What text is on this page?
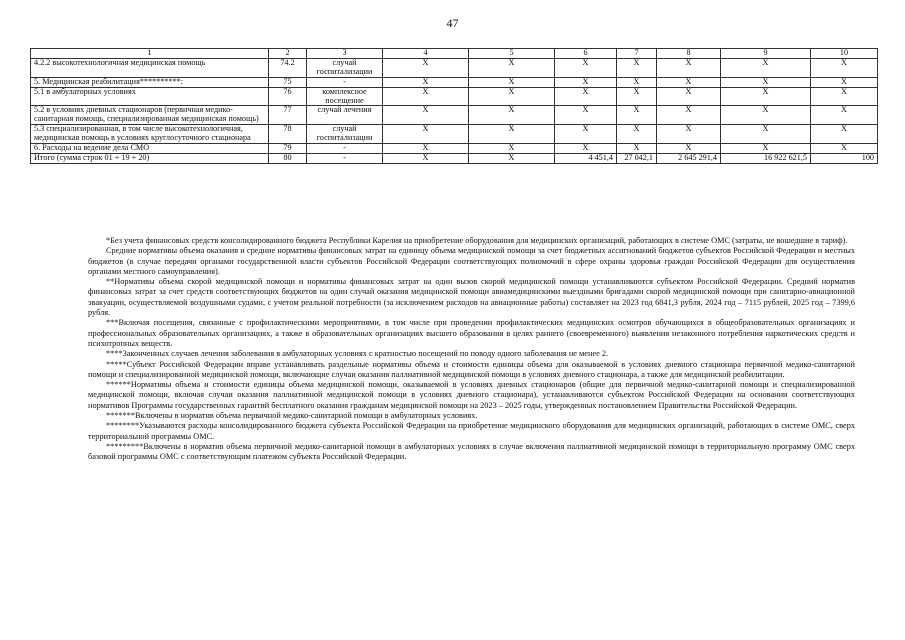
47
1	2	3	4	5	6	7	8	9	10
4.2.2 высокотехнологичная медицинская помощь	74.2	случай госпитализации	X	X	X	X	X	X	X
5. Медицинская реабилитация**********:	75	-	X	X	X	X	X	X	X
5.1 в амбулаторных условиях	76	комплексное посещение	X	X	X	X	X	X	X
5.2 в условиях дневных стационаров (первичная медико-санитарная помощь, специализированная медицинская помощь)	77	случай лечения	X	X	X	X	X	X	X
5.3 специализированная, в том числе высокотехнологичная, медицинская помощь в условиях круглосуточного стационара	78	случай госпитализации	X	X	X	X	X	X	X
6. Расходы на ведение дела СМО	79	-	X	X	X	X	X	X	X
Итого (сумма строк 01 + 19 + 20)	80	-	X	X	4 451,4	27 042,1	2 645 291,4	16 922 621,5	100

*Без учета финансовых средств консолидированного бюджета Республики Карелия на приобретение оборудования для медицинских организаций, работающих в системе ОМС (затраты, не вошедшие в тариф).

Средние нормативы объема оказания и средние нормативы финансовых затрат на единицу объема медицинской помощи за счет бюджетных ассигнований бюджетов субъектов Российской Федерации и местных бюджетов (в случае передачи органами государственной власти субъектов Российской Федерации соответствующих полномочий в сфере охраны здоровья граждан Российской Федерации для осуществления органами местного самоуправления).

**Нормативы объема скорой медицинской помощи и нормативы финансовых затрат на один вызов скорой медицинской помощи устанавливаются субъектом Российской Федерации. Средний норматив финансовых затрат за счет средств соответствующих бюджетов на один случай оказания медицинской помощи авиамедицинскими выездными бригадами скорой медицинской помощи при санитарно-авиационной эвакуации, осуществляемой воздушными судами, с учетом реальной потребности (за исключением расходов на авиационные работы) составляет на 2023 год 6841,3 рубля, 2024 год – 7115 рублей, 2025 год – 7399,6 рубля.

***Включая посещения, связанные с профилактическими мероприятиями, в том числе при проведении профилактических медицинских осмотров обучающихся в общеобразовательных организациях и профессиональных образовательных организациях, а также в образовательных организациях высшего образования в целях раннего (своевременного) выявления незаконного потребления наркотических средств и психотропных веществ.

****Законченных случаев лечения заболевания в амбулаторных условиях с кратностью посещений по поводу одного заболевания не менее 2.

*****Субъект Российской Федерации вправе устанавливать раздельные нормативы объема и стоимости единицы объема для оказываемой в условиях дневного стационара первичной медико-санитарной помощи и специализированной медицинской помощи, включающие случаи оказания паллиативной медицинской помощи в условиях дневного стационара, а также для медицинской реабилитации.

******Нормативы объема и стоимости единицы объема медицинской помощи, оказываемой в условиях дневных стационаров (общие для первичной медико-санитарной помощи и специализированной медицинской помощи, включая случаи оказания паллиативной медицинской помощи в условиях дневного стационара), устанавливаются субъектом Российской Федерации на основании соответствующих нормативов Программы государственных гарантий бесплатного оказания гражданам медицинской помощи на 2023 – 2025 годы, утвержденных постановлением Правительства Российской Федерации.

*******Включены в норматив объема первичной медико-санитарной помощи в амбулаторных условиях.

********Указываются расходы консолидированного бюджета субъекта Российской Федерации на приобретение медицинского оборудования для медицинских организаций, работающих в системе ОМС, сверх территориальной программы ОМС.

*********Включены в норматив объема первичной медико-санитарной помощи в амбулаторных условиях в случае включения паллиативной медицинской помощи в территориальную программу ОМС сверх базовой программы ОМС с соответствующим платежом субъекта Российской Федерации.
